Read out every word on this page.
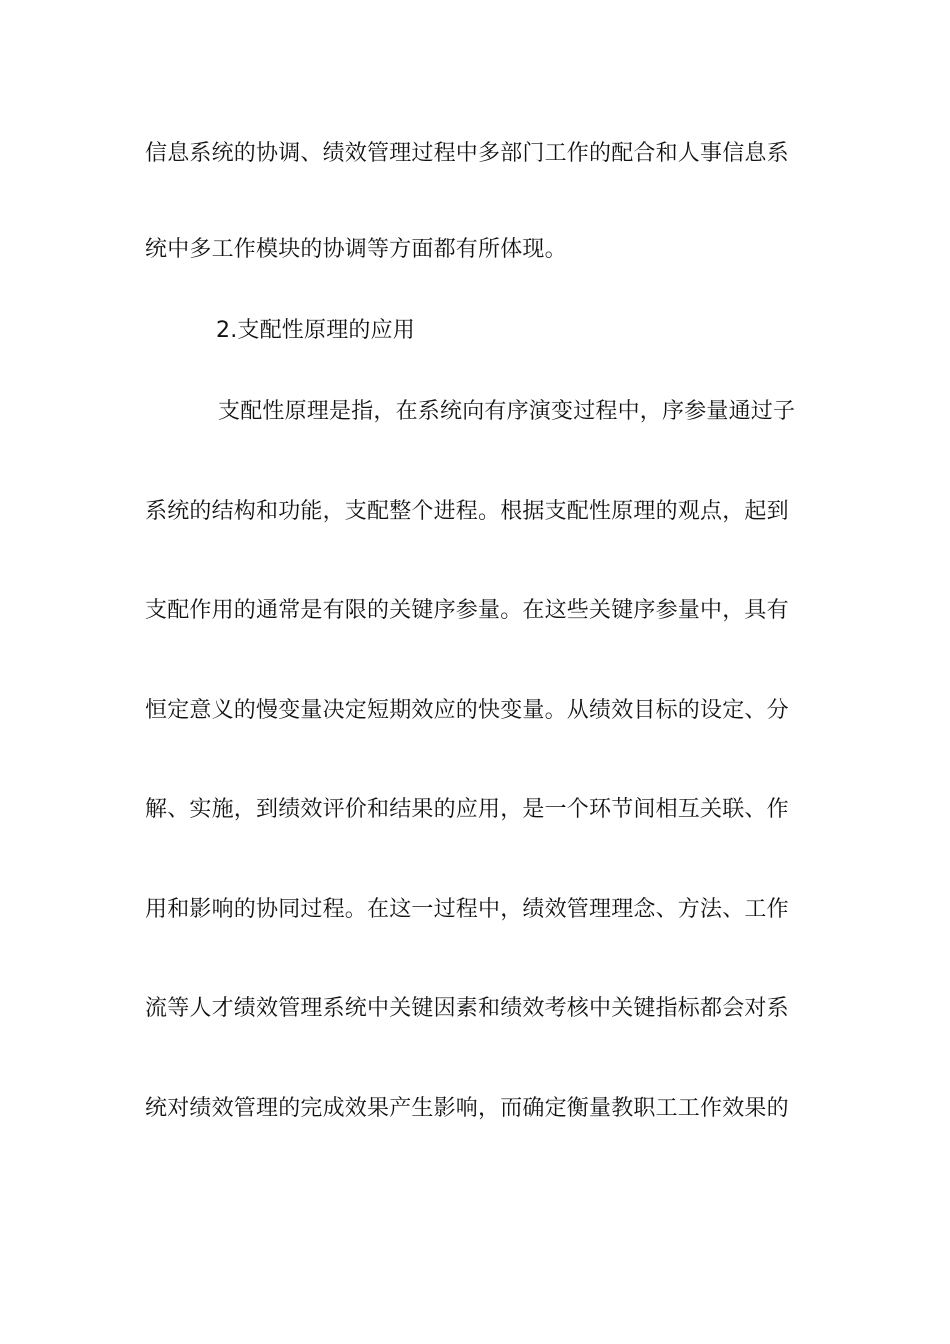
信息系统的协调、绩效管理过程中多部门工作的配合和人事信息系
统中多工作模块的协调等方面都有所体现。
2.支配性原理的应用
支配性原理是指，在系统向有序演变过程中，序参量通过子
系统的结构和功能，支配整个进程。根据支配性原理的观点，起到
支配作用的通常是有限的关键序参量。在这些关键序参量中，具有
恒定意义的慢变量决定短期效应的快变量。从绩效目标的设定、分
解、实施，到绩效评价和结果的应用，是一个环节间相互关联、作
用和影响的协同过程。在这一过程中，绩效管理理念、方法、工作
流等人才绩效管理系统中关键因素和绩效考核中关键指标都会对系
统对绩效管理的完成效果产生影响，而确定衡量教职工工作效果的
